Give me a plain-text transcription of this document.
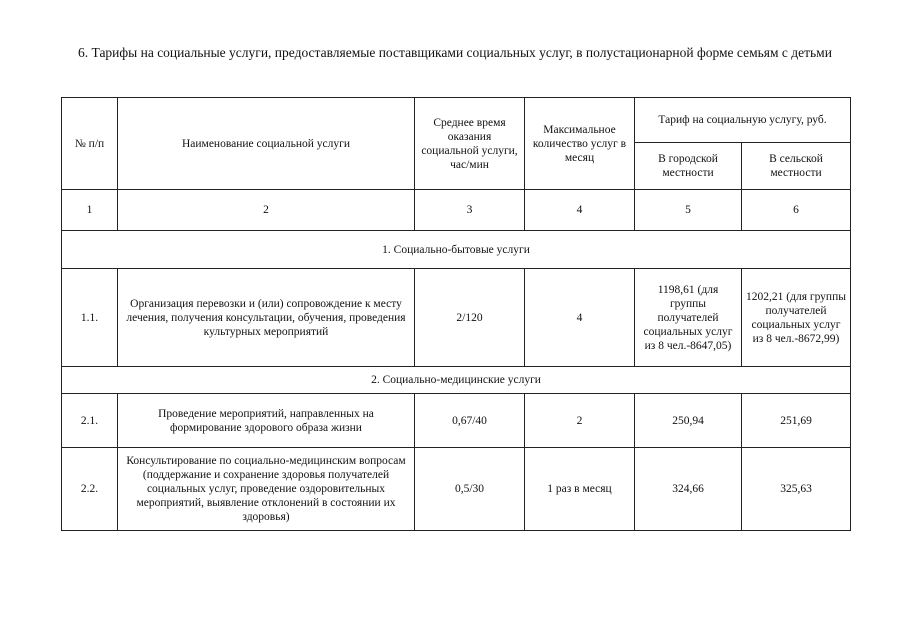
6. Тарифы на социальные услуги, предоставляемые поставщиками социальных услуг, в полустационарной форме семьям с детьми
№ п/п	Наименование социальной услуги	Среднее время оказания социальной услуги, час/мин	Максимальное количество услуг в месяц	Тариф на социальную услугу, руб.	
				В городской местности	В сельской местности
1	2	3	4	5	6
1. Социально-бытовые услуги					
1.1.	Организация перевозки и (или) сопровождение к месту лечения, получения консультации, обучения, проведения культурных мероприятий	2/120	4	1198,61 (для группы получателей социальных услуг из 8 чел.-8647,05)	1202,21 (для группы получателей социальных услуг из 8 чел.-8672,99)
2. Социально-медицинские услуги					
2.1.	Проведение мероприятий, направленных на формирование здорового образа жизни	0,67/40	2	250,94	251,69
2.2.	Консультирование по социально-медицинским вопросам (поддержание и сохранение здоровья получателей социальных услуг, проведение оздоровительных мероприятий, выявление отклонений в состоянии их здоровья)	0,5/30	1 раз в месяц	324,66	325,63
